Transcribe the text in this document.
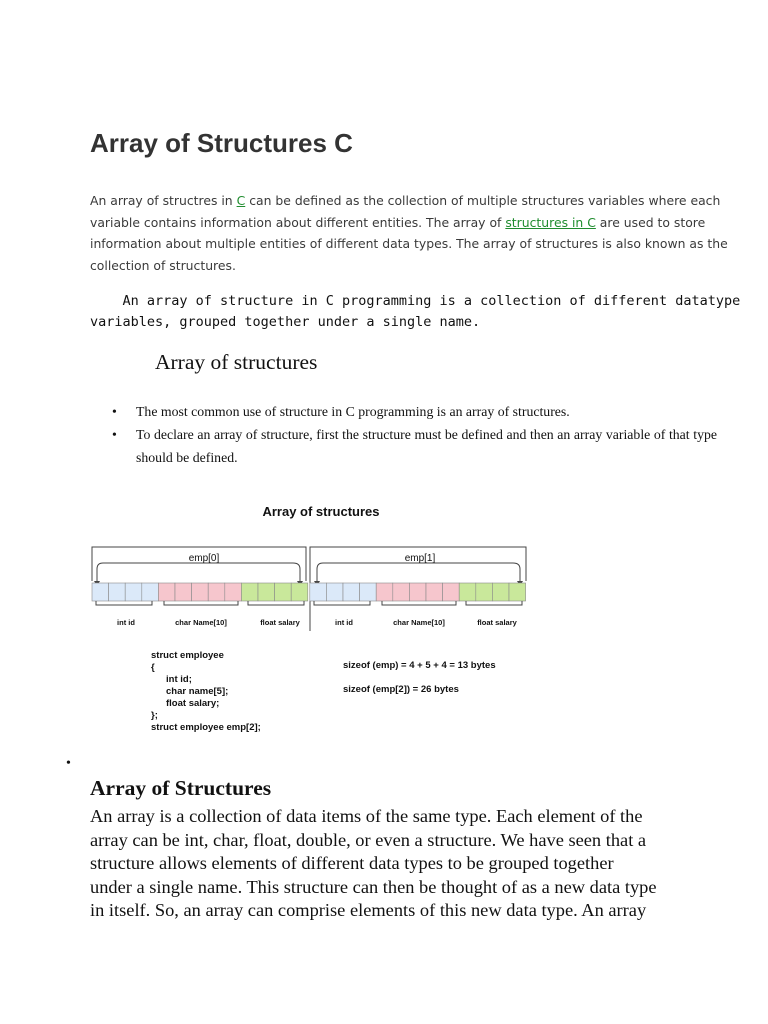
Array of Structures C
An array of structres in C can be defined as the collection of multiple structures variables where each
variable contains information about different entities. The array of structures in C are used to store
information about multiple entities of different data types. The array of structures is also known as the
collection of structures.
An array of structure in C programming is a collection of different datatype
variables, grouped together under a single name.
Array of structures
• The most common use of structure in C programming is an array of structures.
• To declare an array of structure, first the structure must be defined and then an array variable of that type should be defined.
Array of structures
emp[0]	emp[1]
int id	char Name[10]	float salary	int id	char Name[10]	float salary
struct employee
{
int id;
char name[5];
float salary;
};
struct employee emp[2];
sizeof (emp) = 4 + 5 + 4 = 13 bytes
sizeof (emp[2]) = 26 bytes
•
Array of Structures
An array is a collection of data items of the same type. Each element of the
array can be int, char, float, double, or even a structure. We have seen that a
structure allows elements of different data types to be grouped together
under a single name. This structure can then be thought of as a new data type
in itself. So, an array can comprise elements of this new data type. An array
